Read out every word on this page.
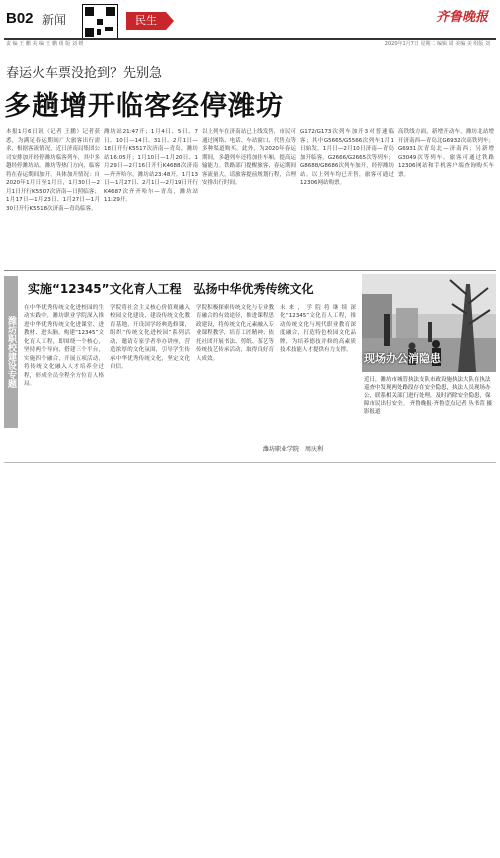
B02 新闻	民生	齐鲁晚报
责 编 王 鹏 美 编 王 鹏 组 版 刘 媛	2020年1月7日 星期二 编辑 周 美编 美 组版 刘
春运火车票没抢到？先别急
多趟增开临客经停潍坊

本报1月6日讯（记者 王鹏）记者获悉，为满足春运期间广大旅客出行需求，根据客流情况，近日济南局集团公司安排加开经停潍坊临客列车，其中多趟经停潍坊站。潍坊等热门方向，临客将在春运期间加开。具体加开情况：自2020年1月日至1月日，1月30日—2月1日开行K5507次济南—日照临客；1月17日—1月23日、1月27日—1月30日开行K5518次济南—青岛临客。

潍坊站21:47开；1月4日、5日、7日、10日—14日、31日、2月1日—18日开行K5517次济南—青岛，潍坊站16:05开；1月10日—1月20日、1月29日—2月16日开行K4688次济南—齐齐哈尔，潍坊站23:48开。1月13日—1月27日、2月1日—2月19日开行K4687次齐齐哈尔—青岛，潍坊站11:29开。

以上列车在济南站已上线发售，市民可通过网络、电话、车站窗口、代售点等多种渠道购买。此外，为2020年春运期间，多趟列车还将加挂车厢，提高运输能力。铁路部门提醒旅客，春运期间客流量大，请旅客提前规划行程，合理安排出行时间。

G172/G173次列车加开3对普速临客；其中G5665/G5566次列车1月1日始发，1月日—2月10日济南—青岛加开临客，G2666/G2665次等列车；G8688/G8686次列车加开，经停潍坊站。以上列车均已开售，旅客可通过12306网站购票。

高铁线方面，新增开动车，潍坊北站增开济南西—青岛北G6932次高铁列车；G6931次青岛北—济南西；另新增G3049次等列车。旅客可通过铁路12306网站和手机客户端查询购买车票。

潍坊职校建设专题
实施“12345”文化育人工程　弘扬中华优秀传统文化

在中华优秀传统文化进校园的生动实践中，潍坊职业学院深入推进中华优秀传统文化进课堂、进教材、进头脑，构建“12345”文化育人工程，即围绕一个核心，坚持两个导向，搭建三个平台，实施四个融合，开展五项活动，将传统文化融入人才培养全过程，形成全员全程全方位育人格局。

学院将社会主义核心价值观融入校园文化建设，建设传统文化教育基地，开设国学经典选修课，组织“传统文化进校园”系列活动，邀请专家学者举办讲座，营造浓厚的文化氛围，引导学生传承中华优秀传统文化，坚定文化自信。

学院积极探索传统文化与专业教育融合的有效途径，推进课程思政建设，将传统文化元素融入专业课程教学，培育工匠精神；依托社团开展书法、剪纸、茶艺等传统技艺传承活动，取得良好育人成效。

未来，学院将继续深化“12345”文化育人工程，推动传统文化与现代职业教育深度融合，打造特色校园文化品牌，为培养德技并修的高素质技术技能人才提供有力支撑。

潍坊职业学院　周庆利
现场办公消隐患
近日，潍坊市城管执法支队市政设施执法大队在执法巡查中发现两处路段存在安全隐患，执法人员现场办公，联系相关部门进行处理，及时消除安全隐患，保障市民出行安全。 齐鲁晚报·齐鲁壹点记者 丛书萱 摄影报道
